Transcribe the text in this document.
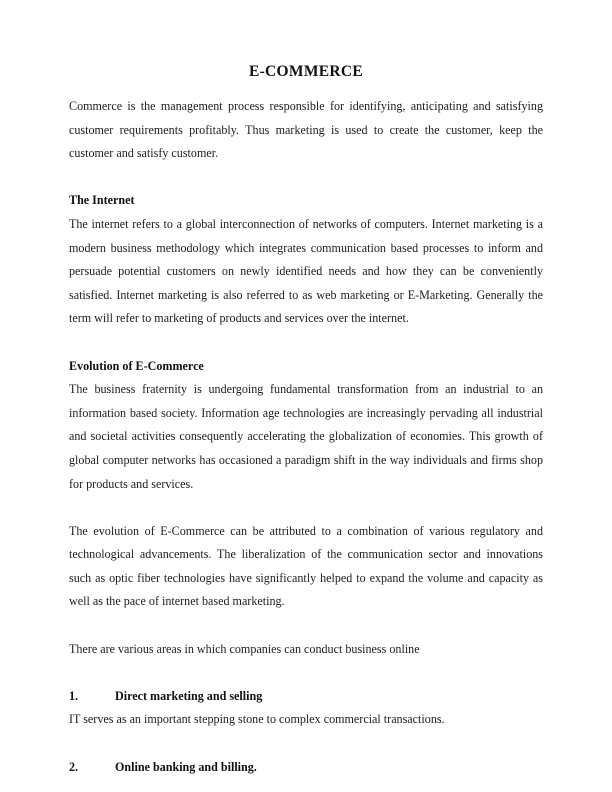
E-COMMERCE

Commerce is the management process responsible for identifying, anticipating and satisfying customer requirements profitably. Thus marketing is used to create the customer, keep the customer and satisfy customer.

The Internet

The internet refers to a global interconnection of networks of computers. Internet marketing is a modern business methodology which integrates communication based processes to inform and persuade potential customers on newly identified needs and how they can be conveniently satisfied. Internet marketing is also referred to as web marketing or E-Marketing. Generally the term will refer to marketing of products and services over the internet.

Evolution of E-Commerce

The business fraternity is undergoing fundamental transformation from an industrial to an information based society. Information age technologies are increasingly pervading all industrial and societal activities consequently accelerating the globalization of economies. This growth of global computer networks has occasioned a paradigm shift in the way individuals and firms shop for products and services.

The evolution of E-Commerce can be attributed to a combination of various regulatory and technological advancements. The liberalization of the communication sector and innovations such as optic fiber technologies have significantly helped to expand the volume and capacity as well as the pace of internet based marketing.

There are various areas in which companies can conduct business online

1.	Direct marketing and selling

IT serves as an important stepping stone to complex commercial transactions.

2.	Online banking and billing.
